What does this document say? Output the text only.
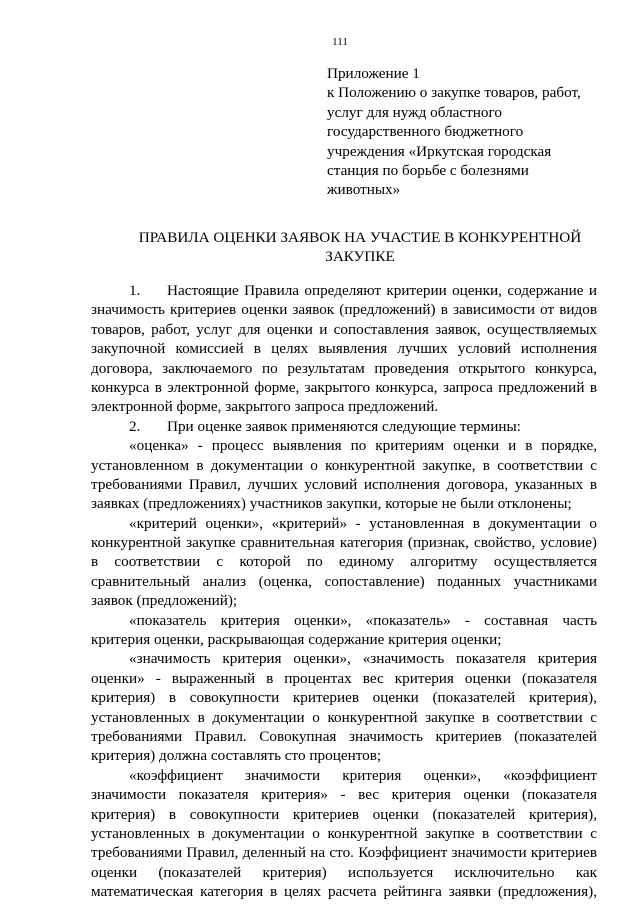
111
Приложение 1
к Положению о закупке товаров, работ,
услуг для нужд областного
государственного бюджетного
учреждения «Иркутская городская
станция по борьбе с болезнями
животных»
ПРАВИЛА ОЦЕНКИ ЗАЯВОК НА УЧАСТИЕ В КОНКУРЕНТНОЙ
ЗАКУПКЕ
1. Настоящие Правила определяют критерии оценки, содержание и
значимость критериев оценки заявок (предложений) в зависимости от видов
товаров, работ, услуг для оценки и сопоставления заявок, осуществляемых
закупочной комиссией в целях выявления лучших условий исполнения
договора, заключаемого по результатам проведения открытого конкурса,
конкурса в электронной форме, закрытого конкурса, запроса предложений в
электронной форме, закрытого запроса предложений.
2. При оценке заявок применяются следующие термины:
«оценка» - процесс выявления по критериям оценки и в порядке,
установленном в документации о конкурентной закупке, в соответствии с
требованиями Правил, лучших условий исполнения договора, указанных в
заявках (предложениях) участников закупки, которые не были отклонены;
«критерий оценки», «критерий» - установленная в документации о
конкурентной закупке сравнительная категория (признак, свойство, условие)
в соответствии с которой по единому алгоритму осуществляется
сравнительный анализ (оценка, сопоставление) поданных участниками
заявок (предложений);
«показатель критерия оценки», «показатель» - составная часть
критерия оценки, раскрывающая содержание критерия оценки;
«значимость критерия оценки», «значимость показателя критерия
оценки» - выраженный в процентах вес критерия оценки (показателя
критерия) в совокупности критериев оценки (показателей критерия),
установленных в документации о конкурентной закупке в соответствии с
требованиями Правил. Совокупная значимость критериев (показателей
критерия) должна составлять сто процентов;
«коэффициент значимости критерия оценки», «коэффициент
значимости показателя критерия» - вес критерия оценки (показателя
критерия) в совокупности критериев оценки (показателей критерия),
установленных в документации о конкурентной закупке в соответствии с
требованиями Правил, деленный на сто. Коэффициент значимости критериев
оценки (показателей критерия) используется исключительно как
математическая категория в целях расчета рейтинга заявки (предложения),
